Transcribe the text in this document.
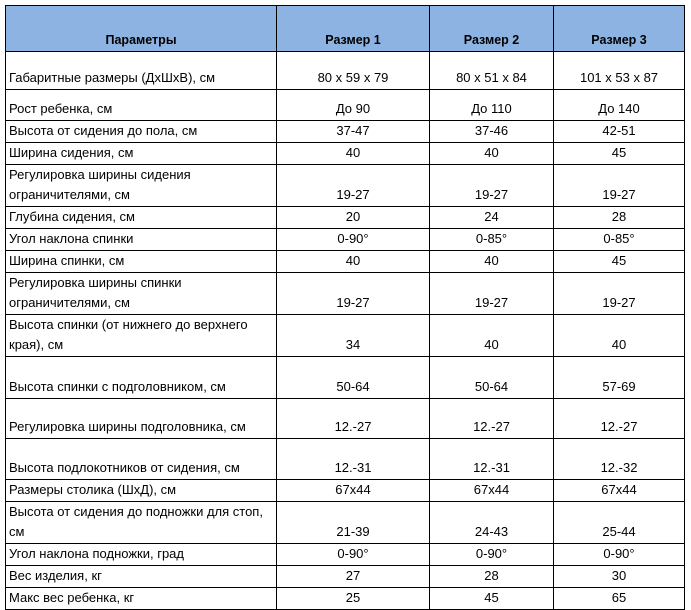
Параметры	Размер 1	Размер 2	Размер 3
Габаритные размеры (ДхШхВ), см	80 x 59 x 79	80 x 51 x 84	101 x 53 x 87
Рост ребенка, см	До 90	До 110	До 140
Высота от сидения до пола, см	37-47	37-46	42-51
Ширина сидения, см	40	40	45
Регулировка ширины сидения ограничителями, см	19-27	19-27	19-27
Глубина сидения, см	20	24	28
Угол наклона спинки	0-90°	0-85°	0-85°
Ширина спинки, см	40	40	45
Регулировка ширины спинки ограничителями, см	19-27	19-27	19-27
Высота спинки (от нижнего до верхнего края), см	34	40	40
Высота спинки с подголовником, см	50-64	50-64	57-69
Регулировка ширины подголовника, см	12.-27	12.-27	12.-27
Высота подлокотников от сидения, см	12.-31	12.-31	12.-32
Размеры столика (ШхД), см	67x44	67x44	67x44
Высота от сидения до подножки для стоп, см	21-39	24-43	25-44
Угол наклона подножки, град	0-90°	0-90°	0-90°
Вес изделия, кг	27	28	30
Макс вес ребенка, кг	25	45	65
